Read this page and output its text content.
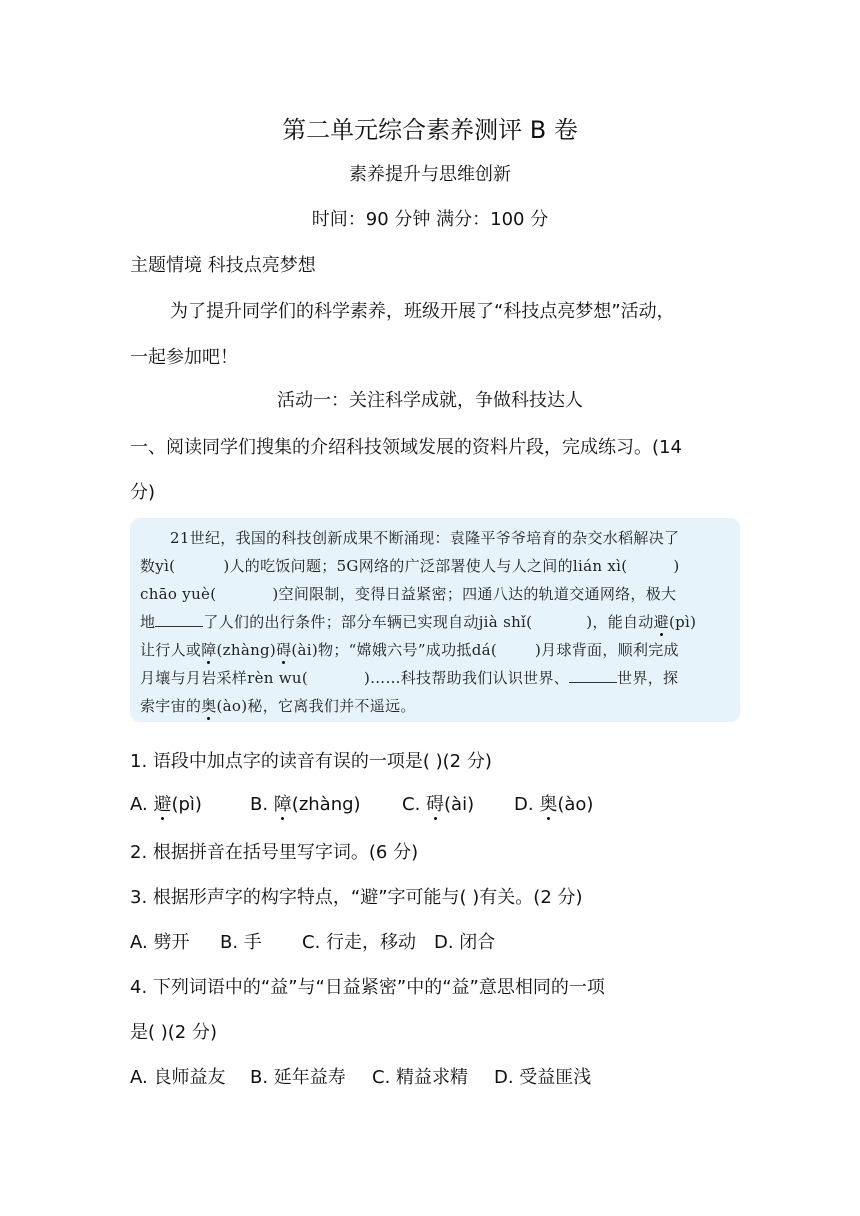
第二单元综合素养测评 B 卷
素养提升与思维创新
时间：90 分钟 满分：100 分
主题情境 科技点亮梦想
为了提升同学们的科学素养，班级开展了“科技点亮梦想”活动，
一起参加吧！
活动一：关注科学成就，争做科技达人
一、阅读同学们搜集的介绍科技领域发展的资料片段，完成练习。(14
分)
21世纪，我国的科技创新成果不断涌现：袁隆平爷爷培育的杂交水稻解决了
数yì(	)人的吃饭问题；5G网络的广泛部署使人与人之间的lián xì(	)
chāo yuè(	)空间限制，变得日益紧密；四通八达的轨道交通网络，极大
地	了人们的出行条件；部分车辆已实现自动jià shǐ(	)，能自动避(pì)
让行人或障(zhàng)碍(ài)物；“嫦娥六号”成功抵dá(	)月球背面，顺利完成
月壤与月岩采样rèn wu(	)……科技帮助我们认识世界、	世界，探
索宇宙的奥(ào)秘，它离我们并不遥远。
1. 语段中加点字的读音有误的一项是( )(2 分)
A. 避(pì)	B. 障(zhàng) C. 碍(ài) D. 奥(ào)
2. 根据拼音在括号里写字词。(6 分)
3. 根据形声字的构字特点，“避”字可能与( )有关。(2 分)
A. 劈开 B. 手 C. 行走，移动 D. 闭合
4. 下列词语中的“益”与“日益紧密”中的“益”意思相同的一项
是( )(2 分)
A. 良师益友 B. 延年益寿 C. 精益求精 D. 受益匪浅
